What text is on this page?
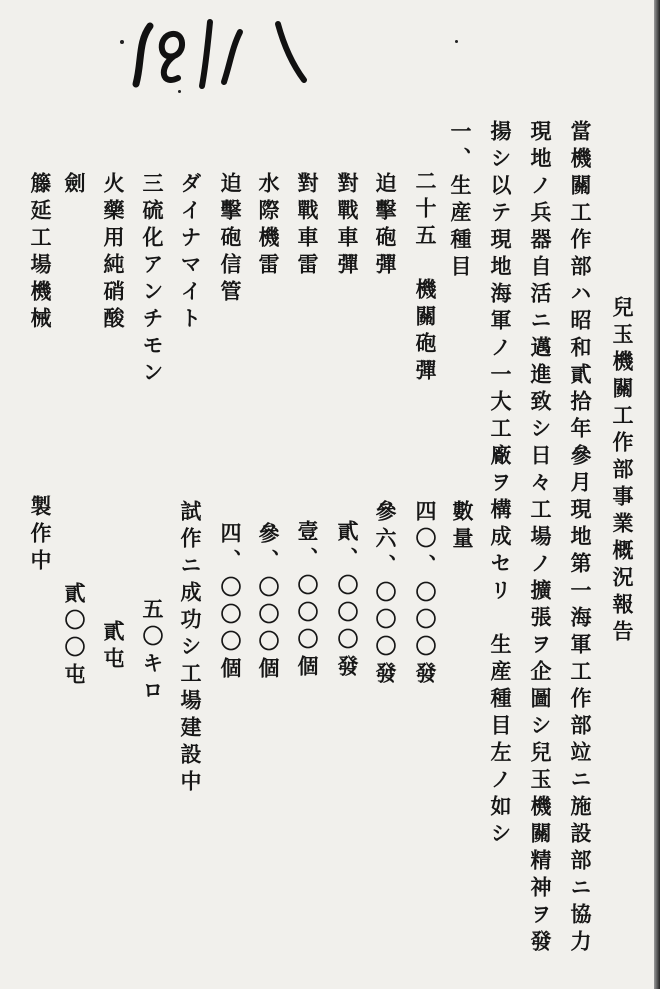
兒玉機關工作部事業概況報告
當機關工作部ハ昭和貳拾年參月現地第一海軍工作部竝ニ施設部ニ協力
現地ノ兵器自活ニ邁進致シ日々工場ノ擴張ヲ企圖シ兒玉機關精神ヲ發
揚シ以テ現地海軍ノ一大工廠ヲ構成セリ　生産種目左ノ如シ
一、生産種目
二十五　機關砲彈
迫擊砲彈
對戰車彈
對戰車雷
水際機雷
迫擊砲信管
ダイナマイト
三硫化アンチモン
火藥用純硝酸
劍
籐延工場機械
數量
四〇、〇〇〇發
參六、〇〇〇發
貳、〇〇〇發
壹、〇〇〇個
參、〇〇〇個
四、〇〇〇個
試作ニ成功シ工場建設中
五〇キロ
貳屯
貳〇〇屯
製作中
